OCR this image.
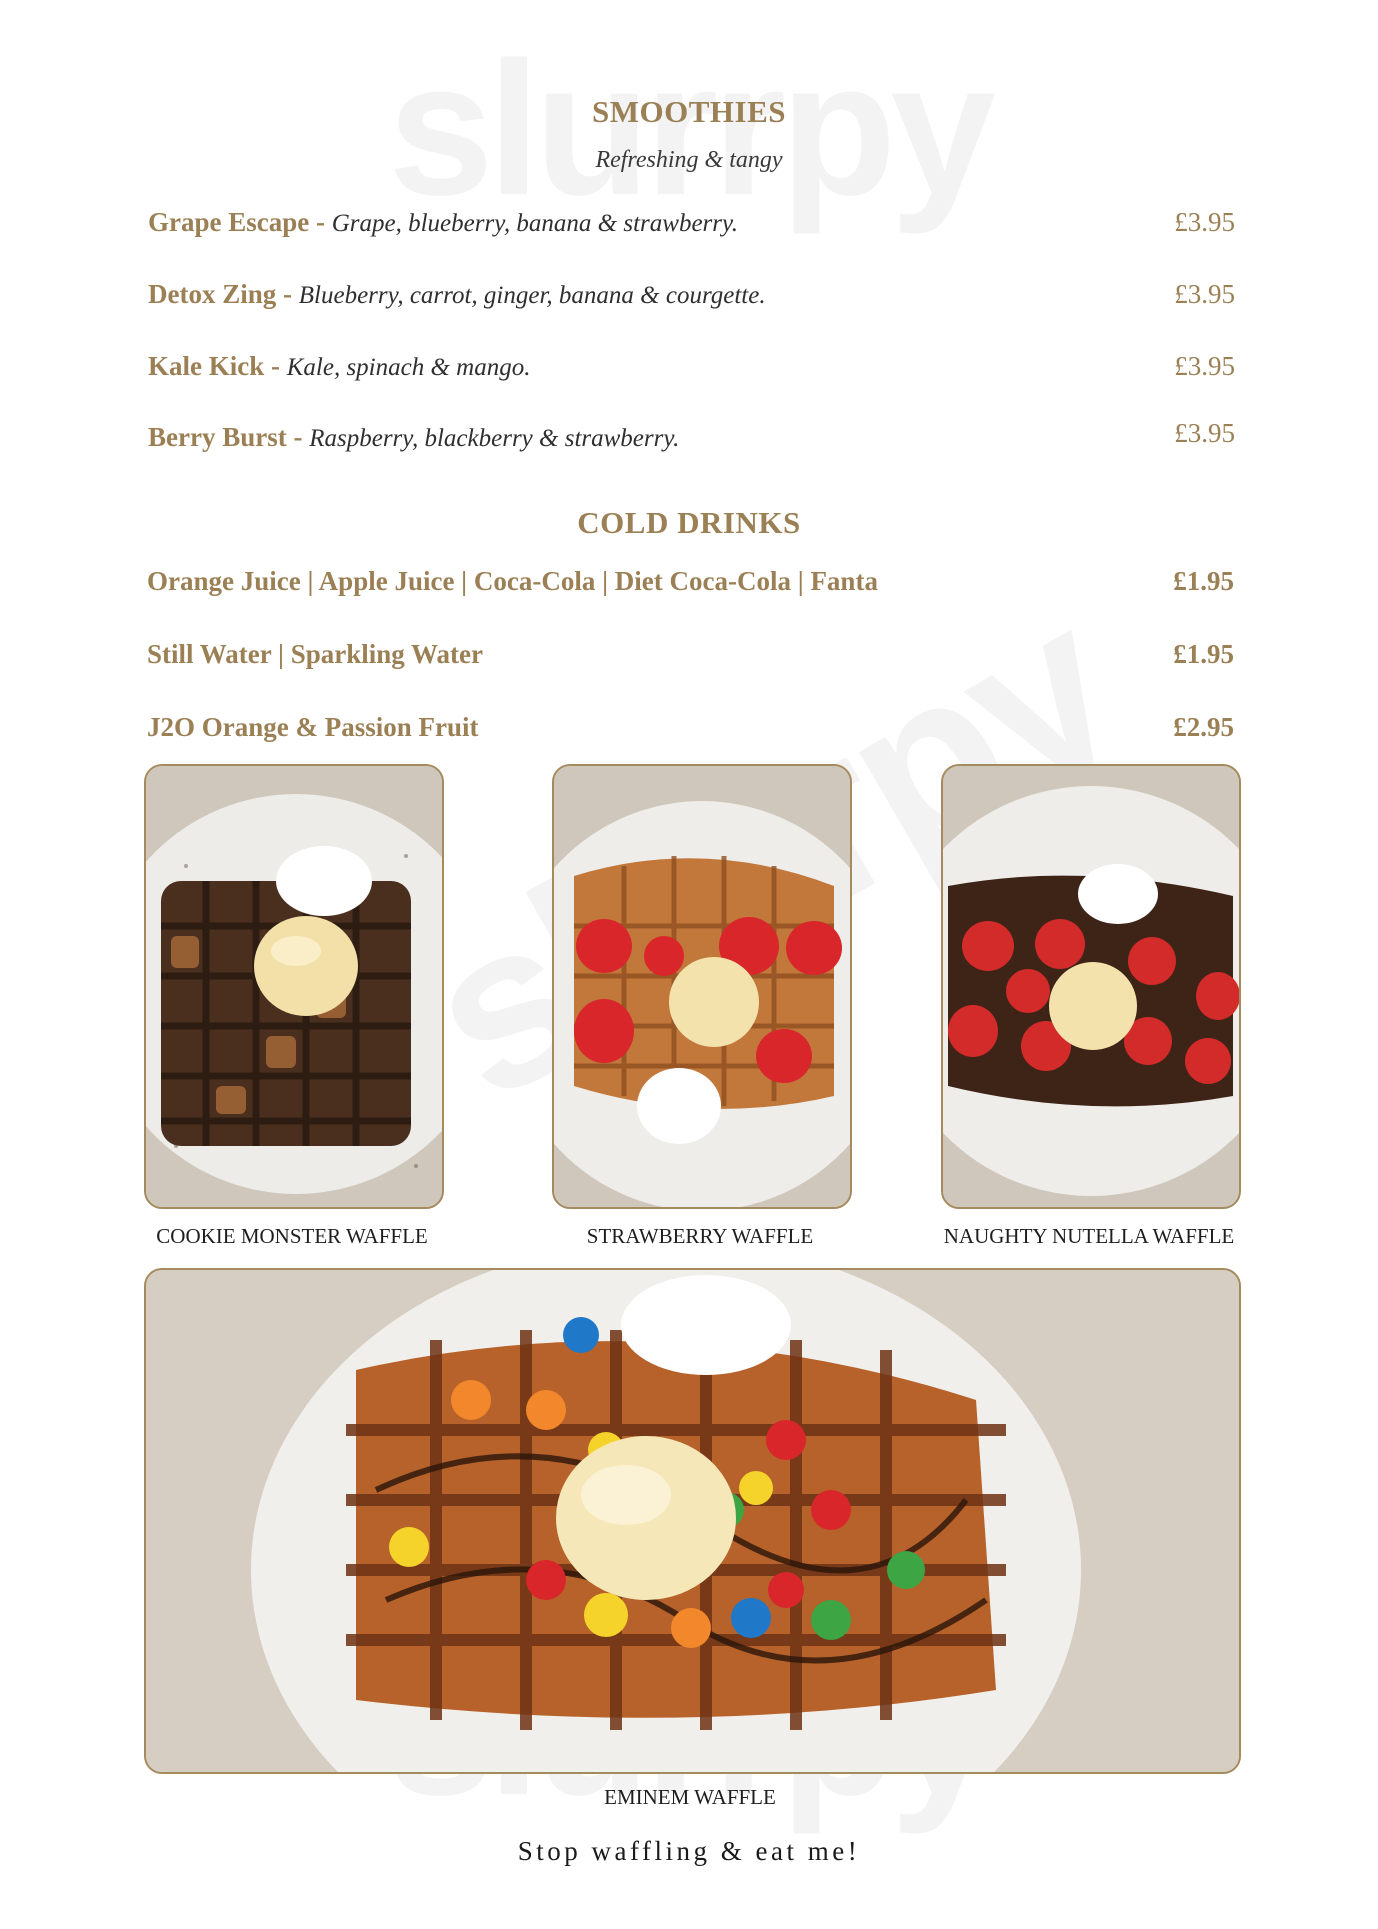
SMOOTHIES
Refreshing & tangy
Grape Escape - Grape, blueberry, banana & strawberry.	£3.95
Detox Zing - Blueberry, carrot, ginger, banana & courgette.	£3.95
Kale Kick - Kale, spinach & mango.	£3.95
Berry Burst - Raspberry, blackberry & strawberry.	£3.95
COLD DRINKS
Orange Juice | Apple Juice | Coca-Cola | Diet Coca-Cola | Fanta	£1.95
Still Water | Sparkling Water	£1.95
J2O Orange & Passion Fruit	£2.95
COOKIE MONSTER WAFFLE	STRAWBERRY WAFFLE	NAUGHTY NUTELLA WAFFLE
EMINEM WAFFLE
Stop waffling & eat me!
